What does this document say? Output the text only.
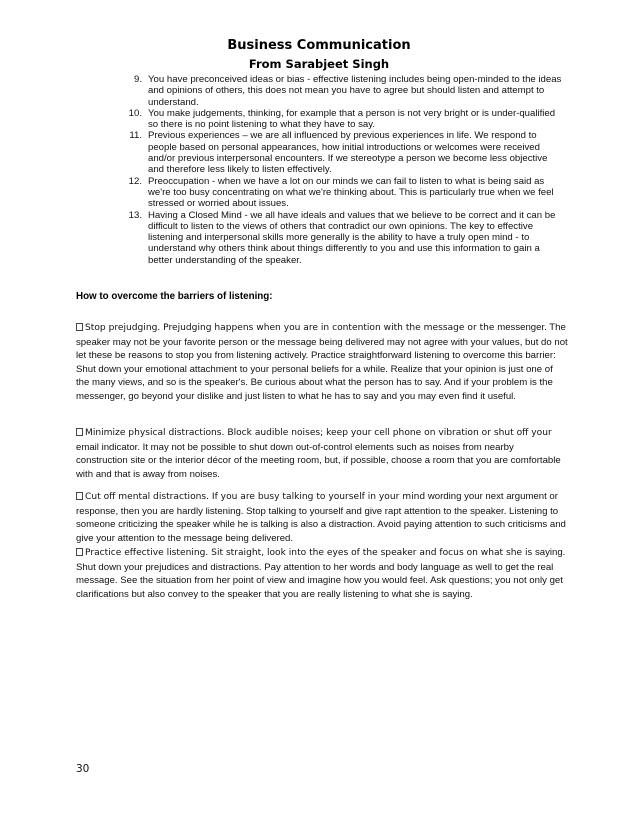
Business Communication
From Sarabjeet Singh
9. You have preconceived ideas or bias - effective listening includes being open-minded to the ideas and opinions of others, this does not mean you have to agree but should listen and attempt to understand.
10. You make judgements, thinking, for example that a person is not very bright or is under-qualified so there is no point listening to what they have to say.
11. Previous experiences – we are all influenced by previous experiences in life. We respond to people based on personal appearances, how initial introductions or welcomes were received and/or previous interpersonal encounters. If we stereotype a person we become less objective and therefore less likely to listen effectively.
12. Preoccupation - when we have a lot on our minds we can fail to listen to what is being said as we're too busy concentrating on what we're thinking about. This is particularly true when we feel stressed or worried about issues.
13. Having a Closed Mind - we all have ideals and values that we believe to be correct and it can be difficult to listen to the views of others that contradict our own opinions. The key to effective listening and interpersonal skills more generally is the ability to have a truly open mind - to understand why others think about things differently to you and use this information to gain a better understanding of the speaker.
How to overcome the barriers of listening:

Stop prejudging. Prejudging happens when you are in contention with the message or the messenger. The speaker may not be your favorite person or the message being delivered may not agree with your values, but do not let these be reasons to stop you from listening actively. Practice straightforward listening to overcome this barrier: Shut down your emotional attachment to your personal beliefs for a while. Realize that your opinion is just one of the many views, and so is the speaker's. Be curious about what the person has to say. And if your problem is the messenger, go beyond your dislike and just listen to what he has to say and you may even find it useful.

Minimize physical distractions. Block audible noises; keep your cell phone on vibration or shut off your email indicator. It may not be possible to shut down out-of-control elements such as noises from nearby construction site or the interior décor of the meeting room, but, if possible, choose a room that you are comfortable with and that is away from noises.

Cut off mental distractions. If you are busy talking to yourself in your mind wording your next argument or response, then you are hardly listening. Stop talking to yourself and give rapt attention to the speaker. Listening to someone criticizing the speaker while he is talking is also a distraction. Avoid paying attention to such criticisms and give your attention to the message being delivered.

Practice effective listening. Sit straight, look into the eyes of the speaker and focus on what she is saying. Shut down your prejudices and distractions. Pay attention to her words and body language as well to get the real message. See the situation from her point of view and imagine how you would feel. Ask questions; you not only get clarifications but also convey to the speaker that you are really listening to what she is saying.

30
